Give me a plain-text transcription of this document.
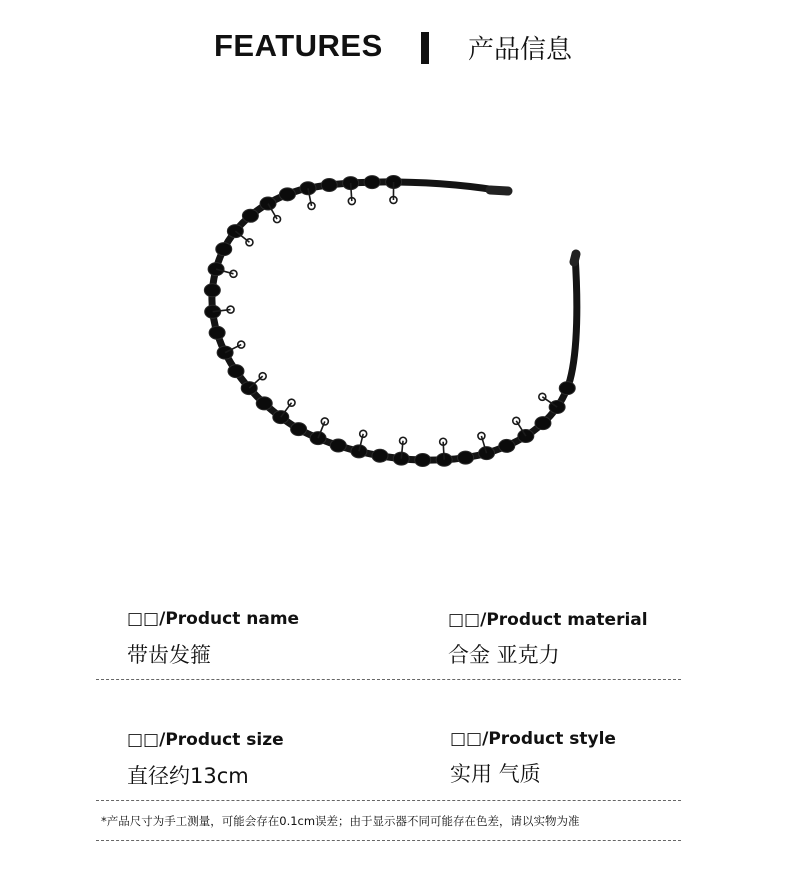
FEATURES	产品信息
□□/Product name
带齿发箍
□□/Product material
合金 亚克力
□□/Product size
直径约13cm
□□/Product style
实用 气质
*产品尺寸为手工测量，可能会存在0.1cm误差；由于显示器不同可能存在色差，请以实物为准
